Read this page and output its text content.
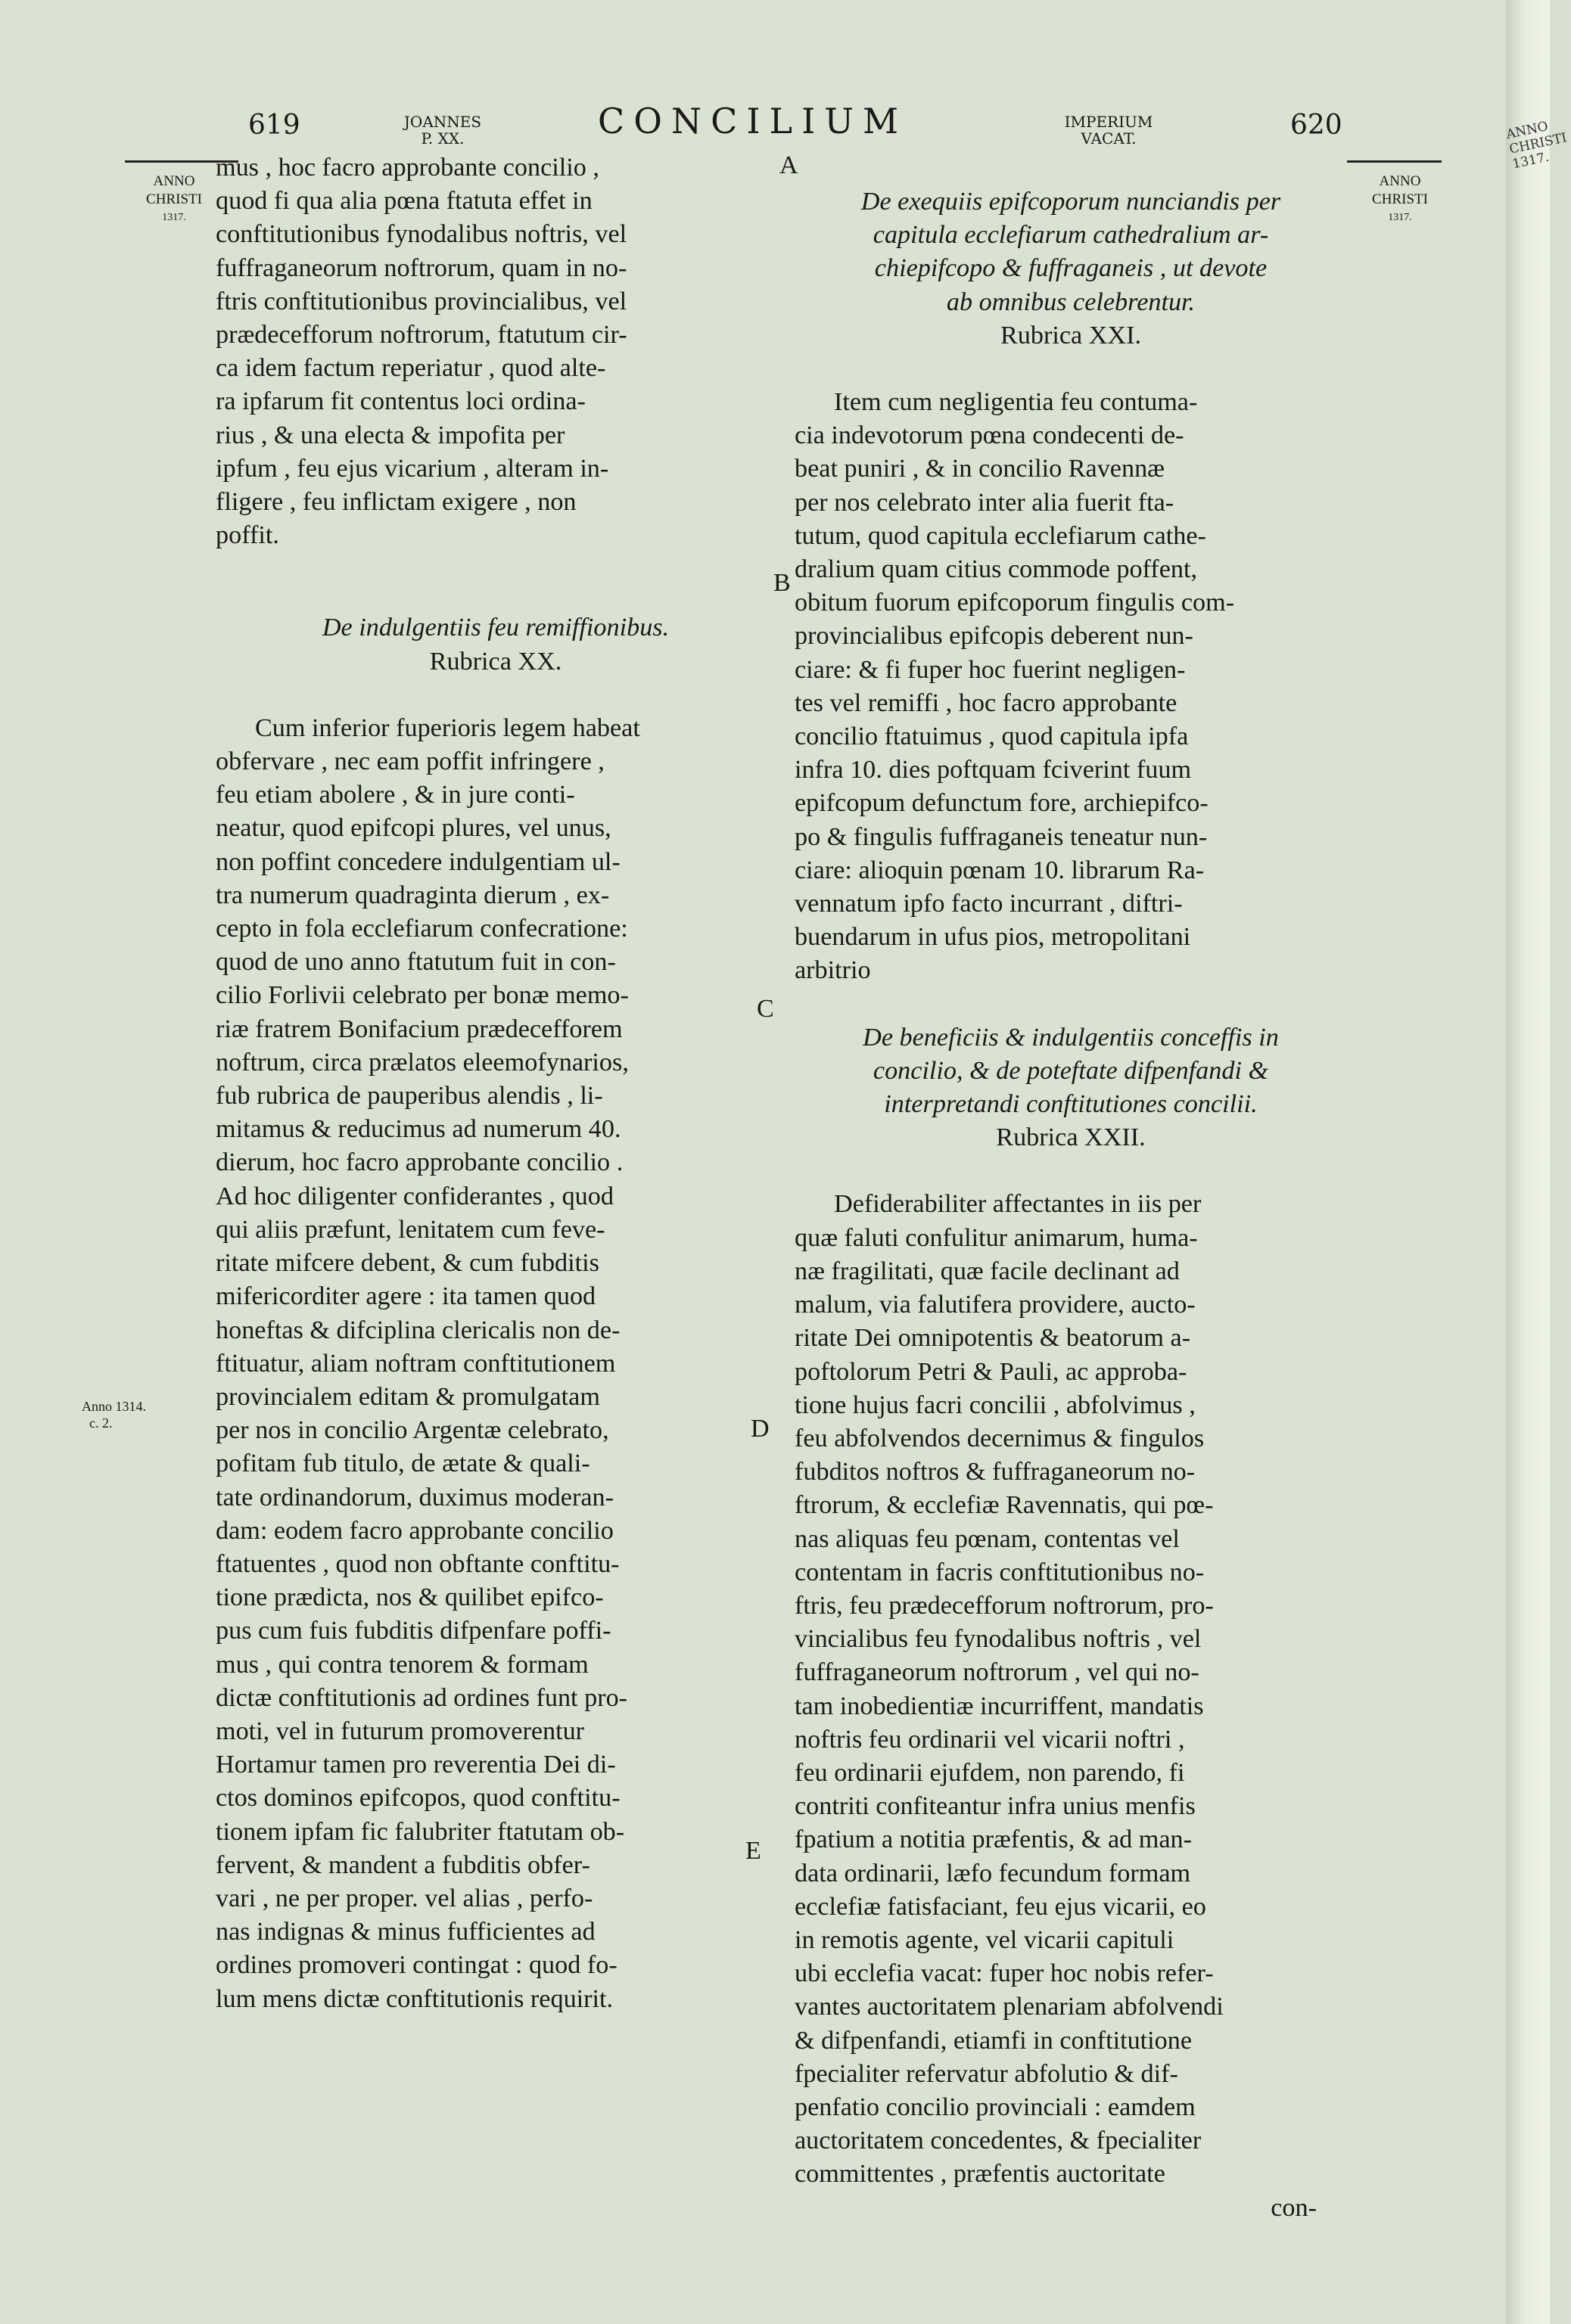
619	JOANNES
P. XX.	CONCILIUM	IMPERIUM
VACAT.	620
ANNO
CHRISTI
1317.
ANNO
CHRISTI
1317.
Anno 1314.
c. 2.
A
B
C
D
E

mus , hoc facro approbante concilio ,

quod fi qua alia pœna ftatuta effet in

conftitutionibus fynodalibus noftris, vel

fuffraganeorum noftrorum, quam in no-

ftris conftitutionibus provincialibus, vel

prædecefforum noftrorum, ftatutum cir-

ca idem factum reperiatur , quod alte-

ra ipfarum fit contentus loci ordina-

rius , & una electa & impofita per

ipfum , feu ejus vicarium , alteram in-

fligere , feu inflictam exigere , non

poffit.

De indulgentiis feu remiffionibus.

Rubrica XX.

Cum inferior fuperioris legem habeat

obfervare , nec eam poffit infringere ,

feu etiam abolere , & in jure conti-

neatur, quod epifcopi plures, vel unus,

non poffint concedere indulgentiam ul-

tra numerum quadraginta dierum , ex-

cepto in fola ecclefiarum confecratione:

quod de uno anno ftatutum fuit in con-

cilio Forlivii celebrato per bonæ memo-

riæ fratrem Bonifacium prædecefforem

noftrum, circa prælatos eleemofynarios,

fub rubrica de pauperibus alendis , li-

mitamus & reducimus ad numerum 40.

dierum, hoc facro approbante concilio .

Ad hoc diligenter confiderantes , quod

qui aliis præfunt, lenitatem cum feve-

ritate mifcere debent, & cum fubditis

mifericorditer agere : ita tamen quod

honeftas & difciplina clericalis non de-

ftituatur, aliam noftram conftitutionem

provincialem editam & promulgatam

per nos in concilio Argentæ celebrato,

pofitam fub titulo, de ætate & quali-

tate ordinandorum, duximus moderan-

dam: eodem facro approbante concilio

ftatuentes , quod non obftante conftitu-

tione prædicta, nos & quilibet epifco-

pus cum fuis fubditis difpenfare poffi-

mus , qui contra tenorem & formam

dictæ conftitutionis ad ordines funt pro-

moti, vel in futurum promoverentur

Hortamur tamen pro reverentia Dei di-

ctos dominos epifcopos, quod conftitu-

tionem ipfam fic falubriter ftatutam ob-

fervent, & mandent a fubditis obfer-

vari , ne per proper. vel alias , perfo-

nas indignas & minus fufficientes ad

ordines promoveri contingat : quod fo-

lum mens dictæ conftitutionis requirit.

De exequiis epifcoporum nunciandis per

capitula ecclefiarum cathedralium ar-

chiepifcopo & fuffraganeis , ut devote

ab omnibus celebrentur.

Rubrica XXI.

Item cum negligentia feu contuma-

cia indevotorum pœna condecenti de-

beat puniri , & in concilio Ravennæ

per nos celebrato inter alia fuerit fta-

tutum, quod capitula ecclefiarum cathe-

dralium quam citius commode poffent,

obitum fuorum epifcoporum fingulis com-

provincialibus epifcopis deberent nun-

ciare: & fi fuper hoc fuerint negligen-

tes vel remiffi , hoc facro approbante

concilio ftatuimus , quod capitula ipfa

infra 10. dies poftquam fciverint fuum

epifcopum defunctum fore, archiepifco-

po & fingulis fuffraganeis teneatur nun-

ciare: alioquin pœnam 10. librarum Ra-

vennatum ipfo facto incurrant , diftri-

buendarum in ufus pios, metropolitani

arbitrio

De beneficiis & indulgentiis conceffis in

concilio, & de poteftate difpenfandi &

interpretandi conftitutiones concilii.

Rubrica XXII.

Defiderabiliter affectantes in iis per

quæ faluti confulitur animarum, huma-

næ fragilitati, quæ facile declinant ad

malum, via falutifera providere, aucto-

ritate Dei omnipotentis & beatorum a-

poftolorum Petri & Pauli, ac approba-

tione hujus facri concilii , abfolvimus ,

feu abfolvendos decernimus & fingulos

fubditos noftros & fuffraganeorum no-

ftrorum, & ecclefiæ Ravennatis, qui pœ-

nas aliquas feu pœnam, contentas vel

contentam in facris conftitutionibus no-

ftris, feu prædecefforum noftrorum, pro-

vincialibus feu fynodalibus noftris , vel

fuffraganeorum noftrorum , vel qui no-

tam inobedientiæ incurriffent, mandatis

noftris feu ordinarii vel vicarii noftri ,

feu ordinarii ejufdem, non parendo, fi

contriti confiteantur infra unius menfis

fpatium a notitia præfentis, & ad man-

data ordinarii, læfo fecundum formam

ecclefiæ fatisfaciant, feu ejus vicarii, eo

in remotis agente, vel vicarii capituli

ubi ecclefia vacat: fuper hoc nobis refer-

vantes auctoritatem plenariam abfolvendi

& difpenfandi, etiamfi in conftitutione

fpecialiter refervatur abfolutio & dif-

penfatio concilio provinciali : eamdem

auctoritatem concedentes, & fpecialiter

committentes , præfentis auctoritate

con-

ANNO
CHRISTI
1317.
